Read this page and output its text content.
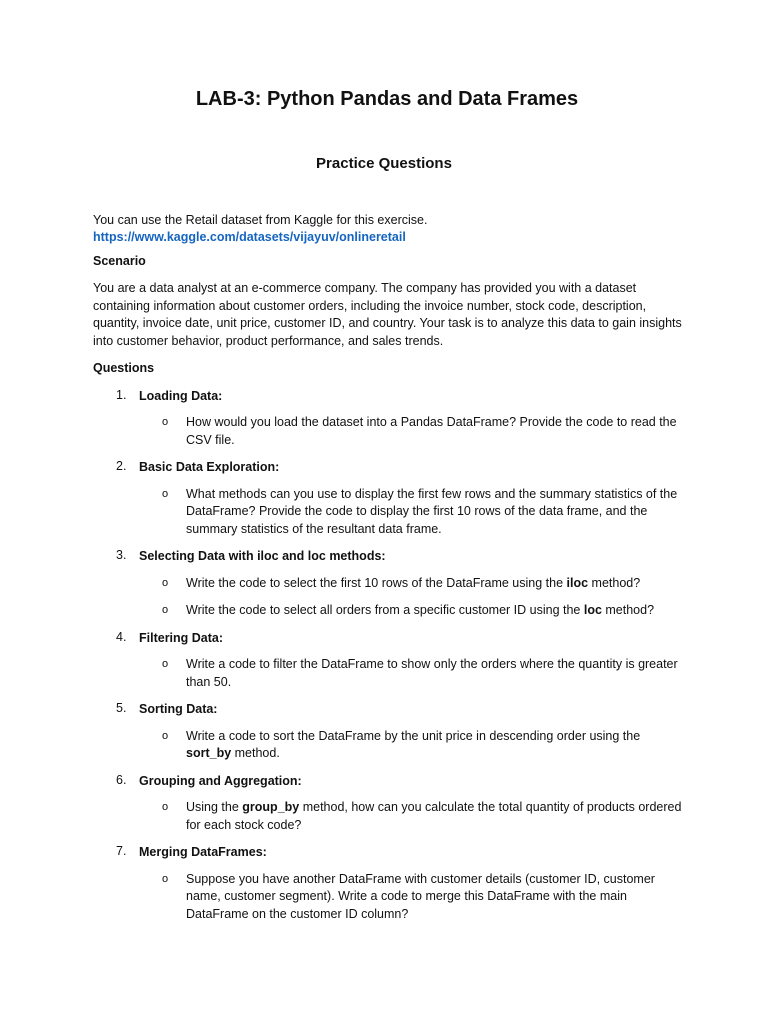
LAB-3: Python Pandas and Data Frames
Practice Questions

You can use the Retail dataset from Kaggle for this exercise.

https://www.kaggle.com/datasets/vijayuv/onlineretail

Scenario

You are a data analyst at an e-commerce company. The company has provided you with a dataset containing information about customer orders, including the invoice number, stock code, description, quantity, invoice date, unit price, customer ID, and country. Your task is to analyze this data to gain insights into customer behavior, product performance, and sales trends.

Questions

1.	Loading Data:
o How would you load the dataset into a Pandas DataFrame? Provide the code to read the CSV file.
2.	Basic Data Exploration:
o What methods can you use to display the first few rows and the summary statistics of the DataFrame? Provide the code to display the first 10 rows of the data frame, and the summary statistics of the resultant data frame.
3.	Selecting Data with iloc and loc methods:
o Write the code to select the first 10 rows of the DataFrame using the iloc method?
o Write the code to select all orders from a specific customer ID using the loc method?
4.	Filtering Data:
o Write a code to filter the DataFrame to show only the orders where the quantity is greater than 50.
5.	Sorting Data:
o Write a code to sort the DataFrame by the unit price in descending order using the sort_by method.
6.	Grouping and Aggregation:
o Using the group_by method, how can you calculate the total quantity of products ordered for each stock code?
7.	Merging DataFrames:
o Suppose you have another DataFrame with customer details (customer ID, customer name, customer segment). Write a code to merge this DataFrame with the main DataFrame on the customer ID column?
